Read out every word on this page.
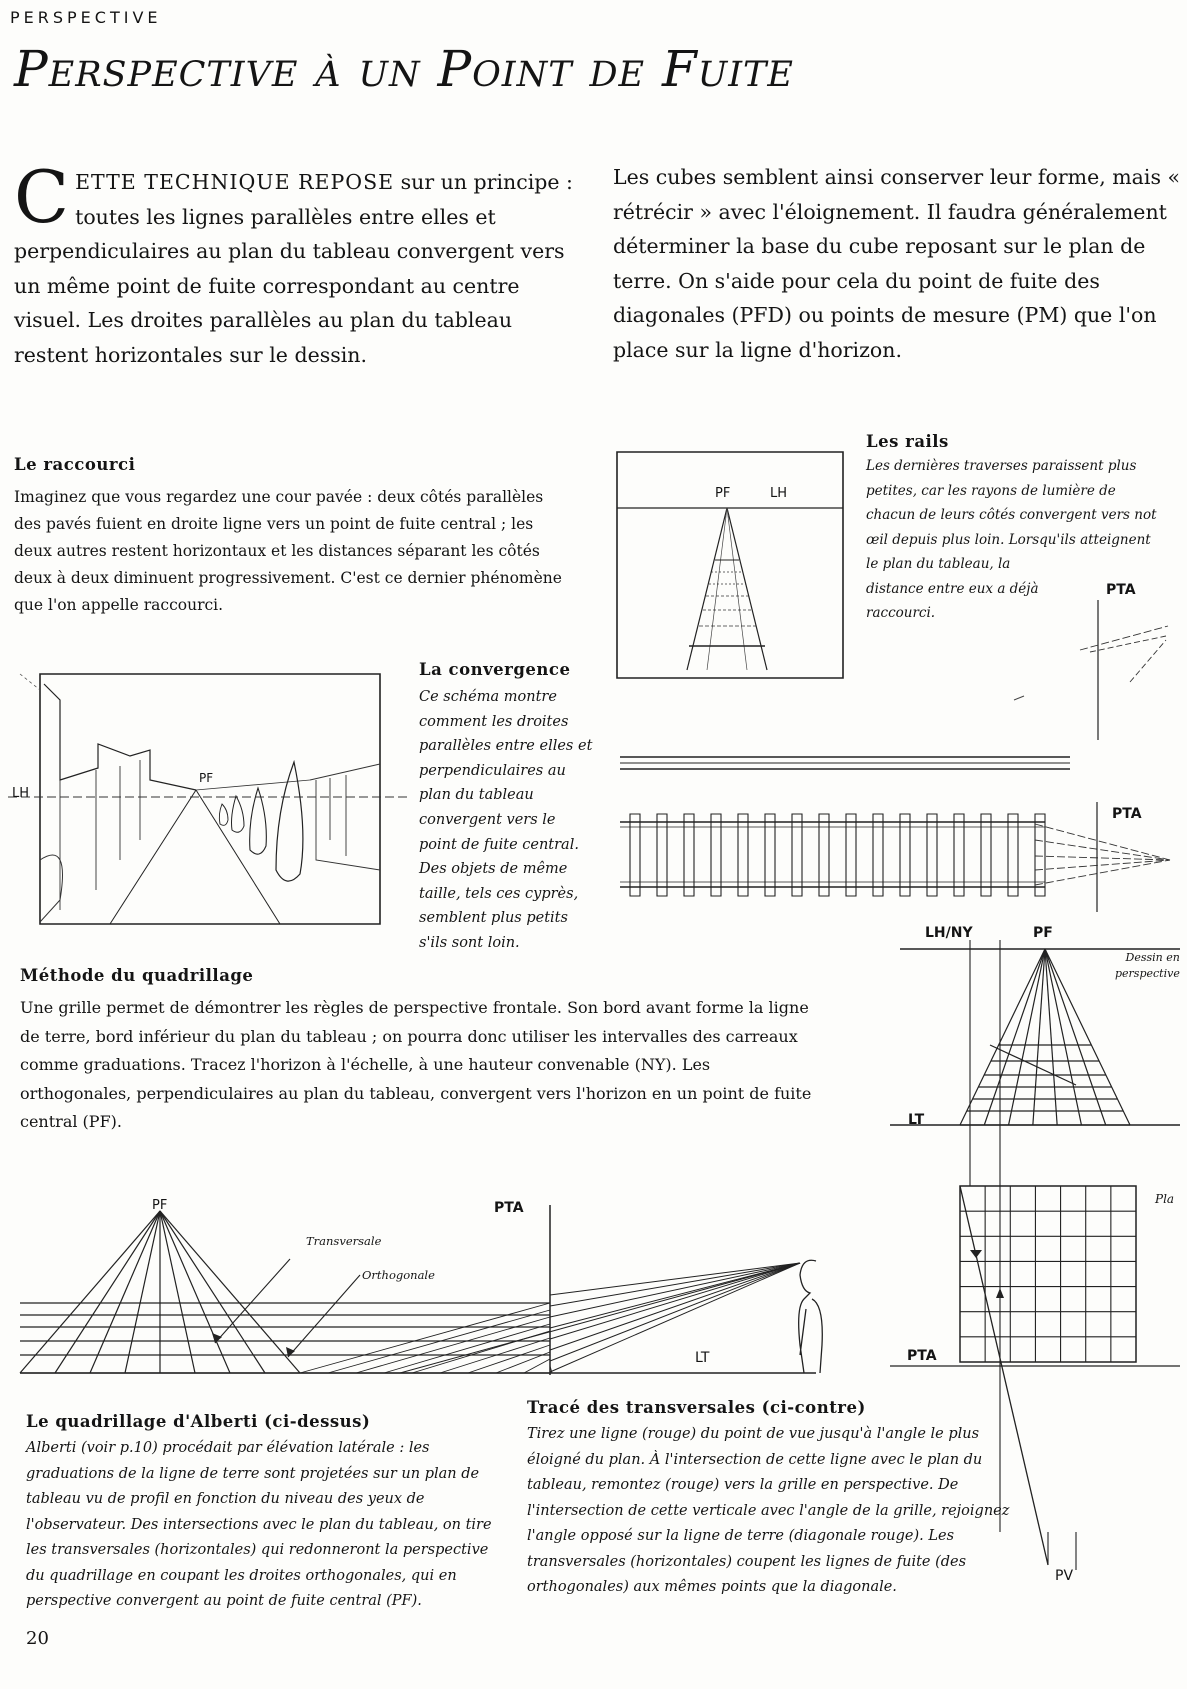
PERSPECTIVE
Perspective à un Point de Fuite
CETTE TECHNIQUE REPOSE sur un principe : toutes les lignes parallèles entre elles et perpendiculaires au plan du tableau convergent vers un même point de fuite correspondant au centre visuel. Les droites parallèles au plan du tableau restent horizontales sur le dessin.
Les cubes semblent ainsi conserver leur forme, mais « rétrécir » avec l'éloignement. Il faudra généralement déterminer la base du cube reposant sur le plan de terre. On s'aide pour cela du point de fuite des diagonales (PFD) ou points de mesure (PM) que l'on place sur la ligne d'horizon.
Le raccourci
Imaginez que vous regardez une cour pavée : deux côtés parallèles des pavés fuient en droite ligne vers un point de fuite central ; les deux autres restent horizontaux et les distances séparant les côtés deux à deux diminuent progressivement. C'est ce dernier phénomène que l'on appelle raccourci.
LH
PF
La convergence
Ce schéma montre
comment les droites
parallèles entre elles et
perpendiculaires au
plan du tableau
convergent vers le
point de fuite central.
Des objets de même
taille, tels ces cyprès,
semblent plus petits
s'ils sont loin.
PF	LH
Les rails
Les dernières traverses paraissent plus
petites, car les rayons de lumière de
chacun de leurs côtés convergent vers not
œil depuis plus loin. Lorsqu'ils atteignent
le plan du tableau, la
distance entre eux a déjà
raccourci.
PTA
PTA
Méthode du quadrillage
Une grille permet de démontrer les règles de perspective frontale. Son bord avant forme la ligne de terre, bord inférieur du plan du tableau ; on pourra donc utiliser les intervalles des carreaux comme graduations. Tracez l'horizon à l'échelle, à une hauteur convenable (NY). Les orthogonales, perpendiculaires au plan du tableau, convergent vers l'horizon en un point de fuite central (PF).
LH/NY	PF
LT
Dessin en
perspective
PTA
PV
Pla
PF	PTA
LT
Transversale
Orthogonale
Le quadrillage d'Alberti (ci-dessus)
Alberti (voir p.10) procédait par élévation latérale : les graduations de la ligne de terre sont projetées sur un plan de tableau vu de profil en fonction du niveau des yeux de l'observateur. Des intersections avec le plan du tableau, on tire les transversales (horizontales) qui redonneront la perspective du quadrillage en coupant les droites orthogonales, qui en perspective convergent au point de fuite central (PF).
Tracé des transversales (ci-contre)
Tirez une ligne (rouge) du point de vue jusqu'à l'angle le plus éloigné du plan. À l'intersection de cette ligne avec le plan du tableau, remontez (rouge) vers la grille en perspective. De l'intersection de cette verticale avec l'angle de la grille, rejoignez l'angle opposé sur la ligne de terre (diagonale rouge). Les transversales (horizontales) coupent les lignes de fuite (des orthogonales) aux mêmes points que la diagonale.
20
